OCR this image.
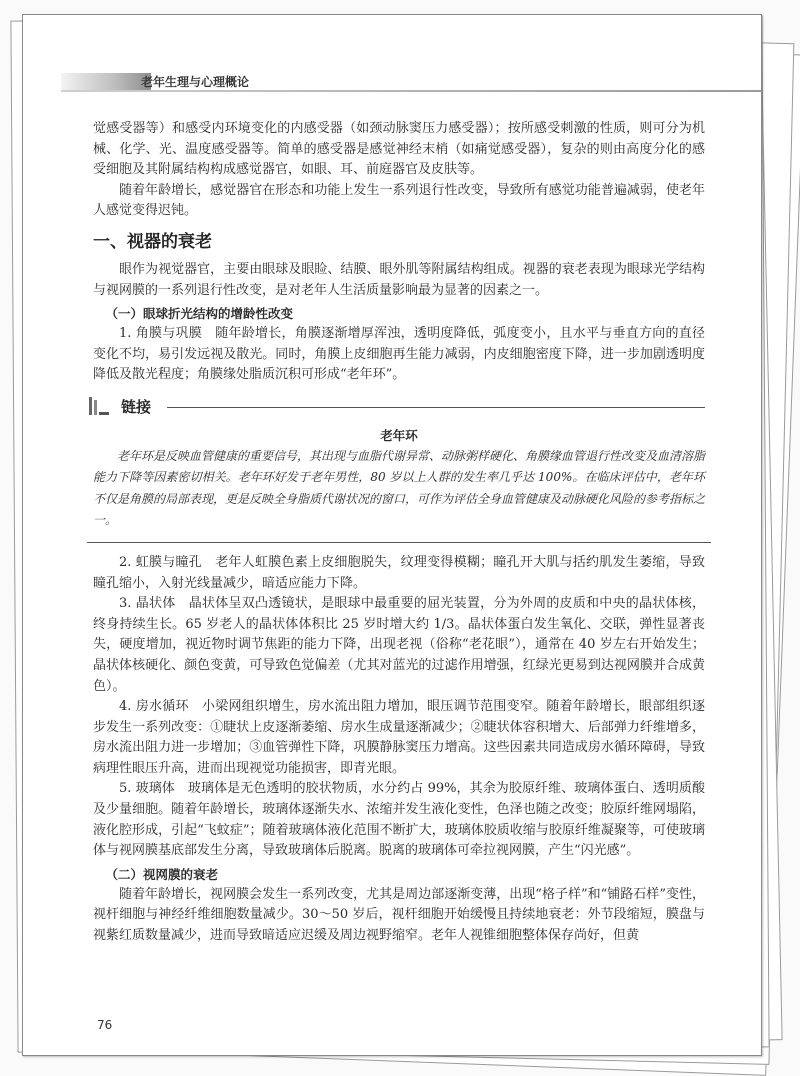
老年生理与心理概论

觉感受器等）和感受内环境变化的内感受器（如颈动脉窦压力感受器）；按所感受刺激的性质，则可分为机械、化学、光、温度感受器等。简单的感受器是感觉神经末梢（如痛觉感受器），复杂的则由高度分化的感受细胞及其附属结构构成感觉器官，如眼、耳、前庭器官及皮肤等。

随着年龄增长，感觉器官在形态和功能上发生一系列退行性改变，导致所有感觉功能普遍减弱，使老年人感觉变得迟钝。

一、视器的衰老

眼作为视觉器官，主要由眼球及眼睑、结膜、眼外肌等附属结构组成。视器的衰老表现为眼球光学结构与视网膜的一系列退行性改变，是对老年人生活质量影响最为显著的因素之一。

（一）眼球折光结构的增龄性改变

1. 角膜与巩膜　随年龄增长，角膜逐渐增厚浑浊，透明度降低，弧度变小，且水平与垂直方向的直径变化不均，易引发远视及散光。同时，角膜上皮细胞再生能力减弱，内皮细胞密度下降，进一步加剧透明度降低及散光程度；角膜缘处脂质沉积可形成“老年环”。

链接
老年环

老年环是反映血管健康的重要信号，其出现与血脂代谢异常、动脉粥样硬化、角膜缘血管退行性改变及血清溶脂能力下降等因素密切相关。老年环好发于老年男性，80 岁以上人群的发生率几乎达 100%。在临床评估中，老年环不仅是角膜的局部表现，更是反映全身脂质代谢状况的窗口，可作为评估全身血管健康及动脉硬化风险的参考指标之一。

2. 虹膜与瞳孔　老年人虹膜色素上皮细胞脱失，纹理变得模糊；瞳孔开大肌与括约肌发生萎缩，导致瞳孔缩小，入射光线量减少，暗适应能力下降。

3. 晶状体　晶状体呈双凸透镜状，是眼球中最重要的屈光装置，分为外周的皮质和中央的晶状体核，终身持续生长。65 岁老人的晶状体体积比 25 岁时增大约 1/3。晶状体蛋白发生氧化、交联，弹性显著丧失，硬度增加，视近物时调节焦距的能力下降，出现老视（俗称“老花眼”），通常在 40 岁左右开始发生；晶状体核硬化、颜色变黄，可导致色觉偏差（尤其对蓝光的过滤作用增强，红绿光更易到达视网膜并合成黄色）。

4. 房水循环　小梁网组织增生，房水流出阻力增加，眼压调节范围变窄。随着年龄增长，眼部组织逐步发生一系列改变：①睫状上皮逐渐萎缩、房水生成量逐渐减少；②睫状体容积增大、后部弹力纤维增多，房水流出阻力进一步增加；③血管弹性下降，巩膜静脉窦压力增高。这些因素共同造成房水循环障碍，导致病理性眼压升高，进而出现视觉功能损害，即青光眼。

5. 玻璃体　玻璃体是无色透明的胶状物质，水分约占 99%，其余为胶原纤维、玻璃体蛋白、透明质酸及少量细胞。随着年龄增长，玻璃体逐渐失水、浓缩并发生液化变性，色泽也随之改变；胶原纤维网塌陷，液化腔形成，引起“飞蚊症”；随着玻璃体液化范围不断扩大，玻璃体胶质收缩与胶原纤维凝聚等，可使玻璃体与视网膜基底部发生分离，导致玻璃体后脱离。脱离的玻璃体可牵拉视网膜，产生“闪光感”。

（二）视网膜的衰老

随着年龄增长，视网膜会发生一系列改变，尤其是周边部逐渐变薄，出现“格子样”和“铺路石样”变性，视杆细胞与神经纤维细胞数量减少。30～50 岁后，视杆细胞开始缓慢且持续地衰老：外节段缩短，膜盘与视紫红质数量减少，进而导致暗适应迟缓及周边视野缩窄。老年人视锥细胞整体保存尚好，但黄

76
